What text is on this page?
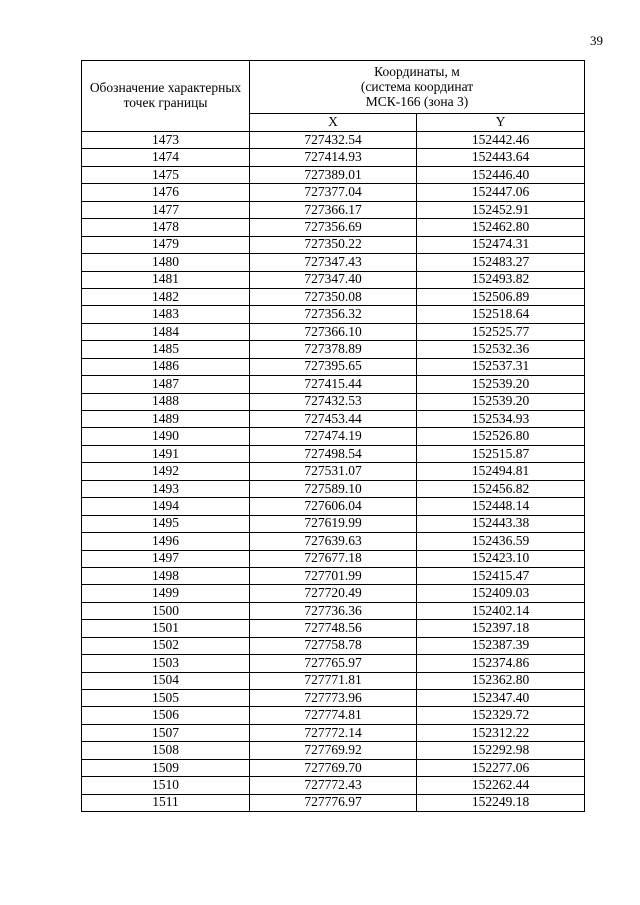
39
Обозначение характерных точек границы	Координаты, м
(система координат
МСК-166 (зона 3)	

	X	Y
1473	727432.54	152442.46
1474	727414.93	152443.64
1475	727389.01	152446.40
1476	727377.04	152447.06
1477	727366.17	152452.91
1478	727356.69	152462.80
1479	727350.22	152474.31
1480	727347.43	152483.27
1481	727347.40	152493.82
1482	727350.08	152506.89
1483	727356.32	152518.64
1484	727366.10	152525.77
1485	727378.89	152532.36
1486	727395.65	152537.31
1487	727415.44	152539.20
1488	727432.53	152539.20
1489	727453.44	152534.93
1490	727474.19	152526.80
1491	727498.54	152515.87
1492	727531.07	152494.81
1493	727589.10	152456.82
1494	727606.04	152448.14
1495	727619.99	152443.38
1496	727639.63	152436.59
1497	727677.18	152423.10
1498	727701.99	152415.47
1499	727720.49	152409.03
1500	727736.36	152402.14
1501	727748.56	152397.18
1502	727758.78	152387.39
1503	727765.97	152374.86
1504	727771.81	152362.80
1505	727773.96	152347.40
1506	727774.81	152329.72
1507	727772.14	152312.22
1508	727769.92	152292.98
1509	727769.70	152277.06
1510	727772.43	152262.44
1511	727776.97	152249.18
